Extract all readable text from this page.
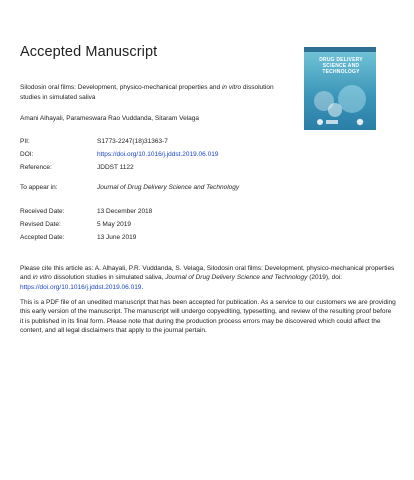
Accepted Manuscript	DRUG DELIVERY SCIENCE AND TECHNOLOGY
Silodosin oral films: Development, physico-mechanical properties and in vitro dissolution studies in simulated saliva
Amani Alhayali, Parameswara Rao Vuddanda, Sitaram Velaga
PII:	S1773-2247(18)31363-7
DOI:	https://doi.org/10.1016/j.jddst.2019.06.019
Reference:	JDDST 1122
To appear in:	Journal of Drug Delivery Science and Technology
Received Date:	13 December 2018
Revised Date:	5 May 2019
Accepted Date:	13 June 2019
Please cite this article as: A. Alhayali, P.R. Vuddanda, S. Velaga, Silodosin oral films: Development, physico-mechanical properties and in vitro dissolution studies in simulated saliva, Journal of Drug Delivery Science and Technology (2019), doi: https://doi.org/10.1016/j.jddst.2019.06.019.
This is a PDF file of an unedited manuscript that has been accepted for publication. As a service to our customers we are providing this early version of the manuscript. The manuscript will undergo copyediting, typesetting, and review of the resulting proof before it is published in its final form. Please note that during the production process errors may be discovered which could affect the content, and all legal disclaimers that apply to the journal pertain.
